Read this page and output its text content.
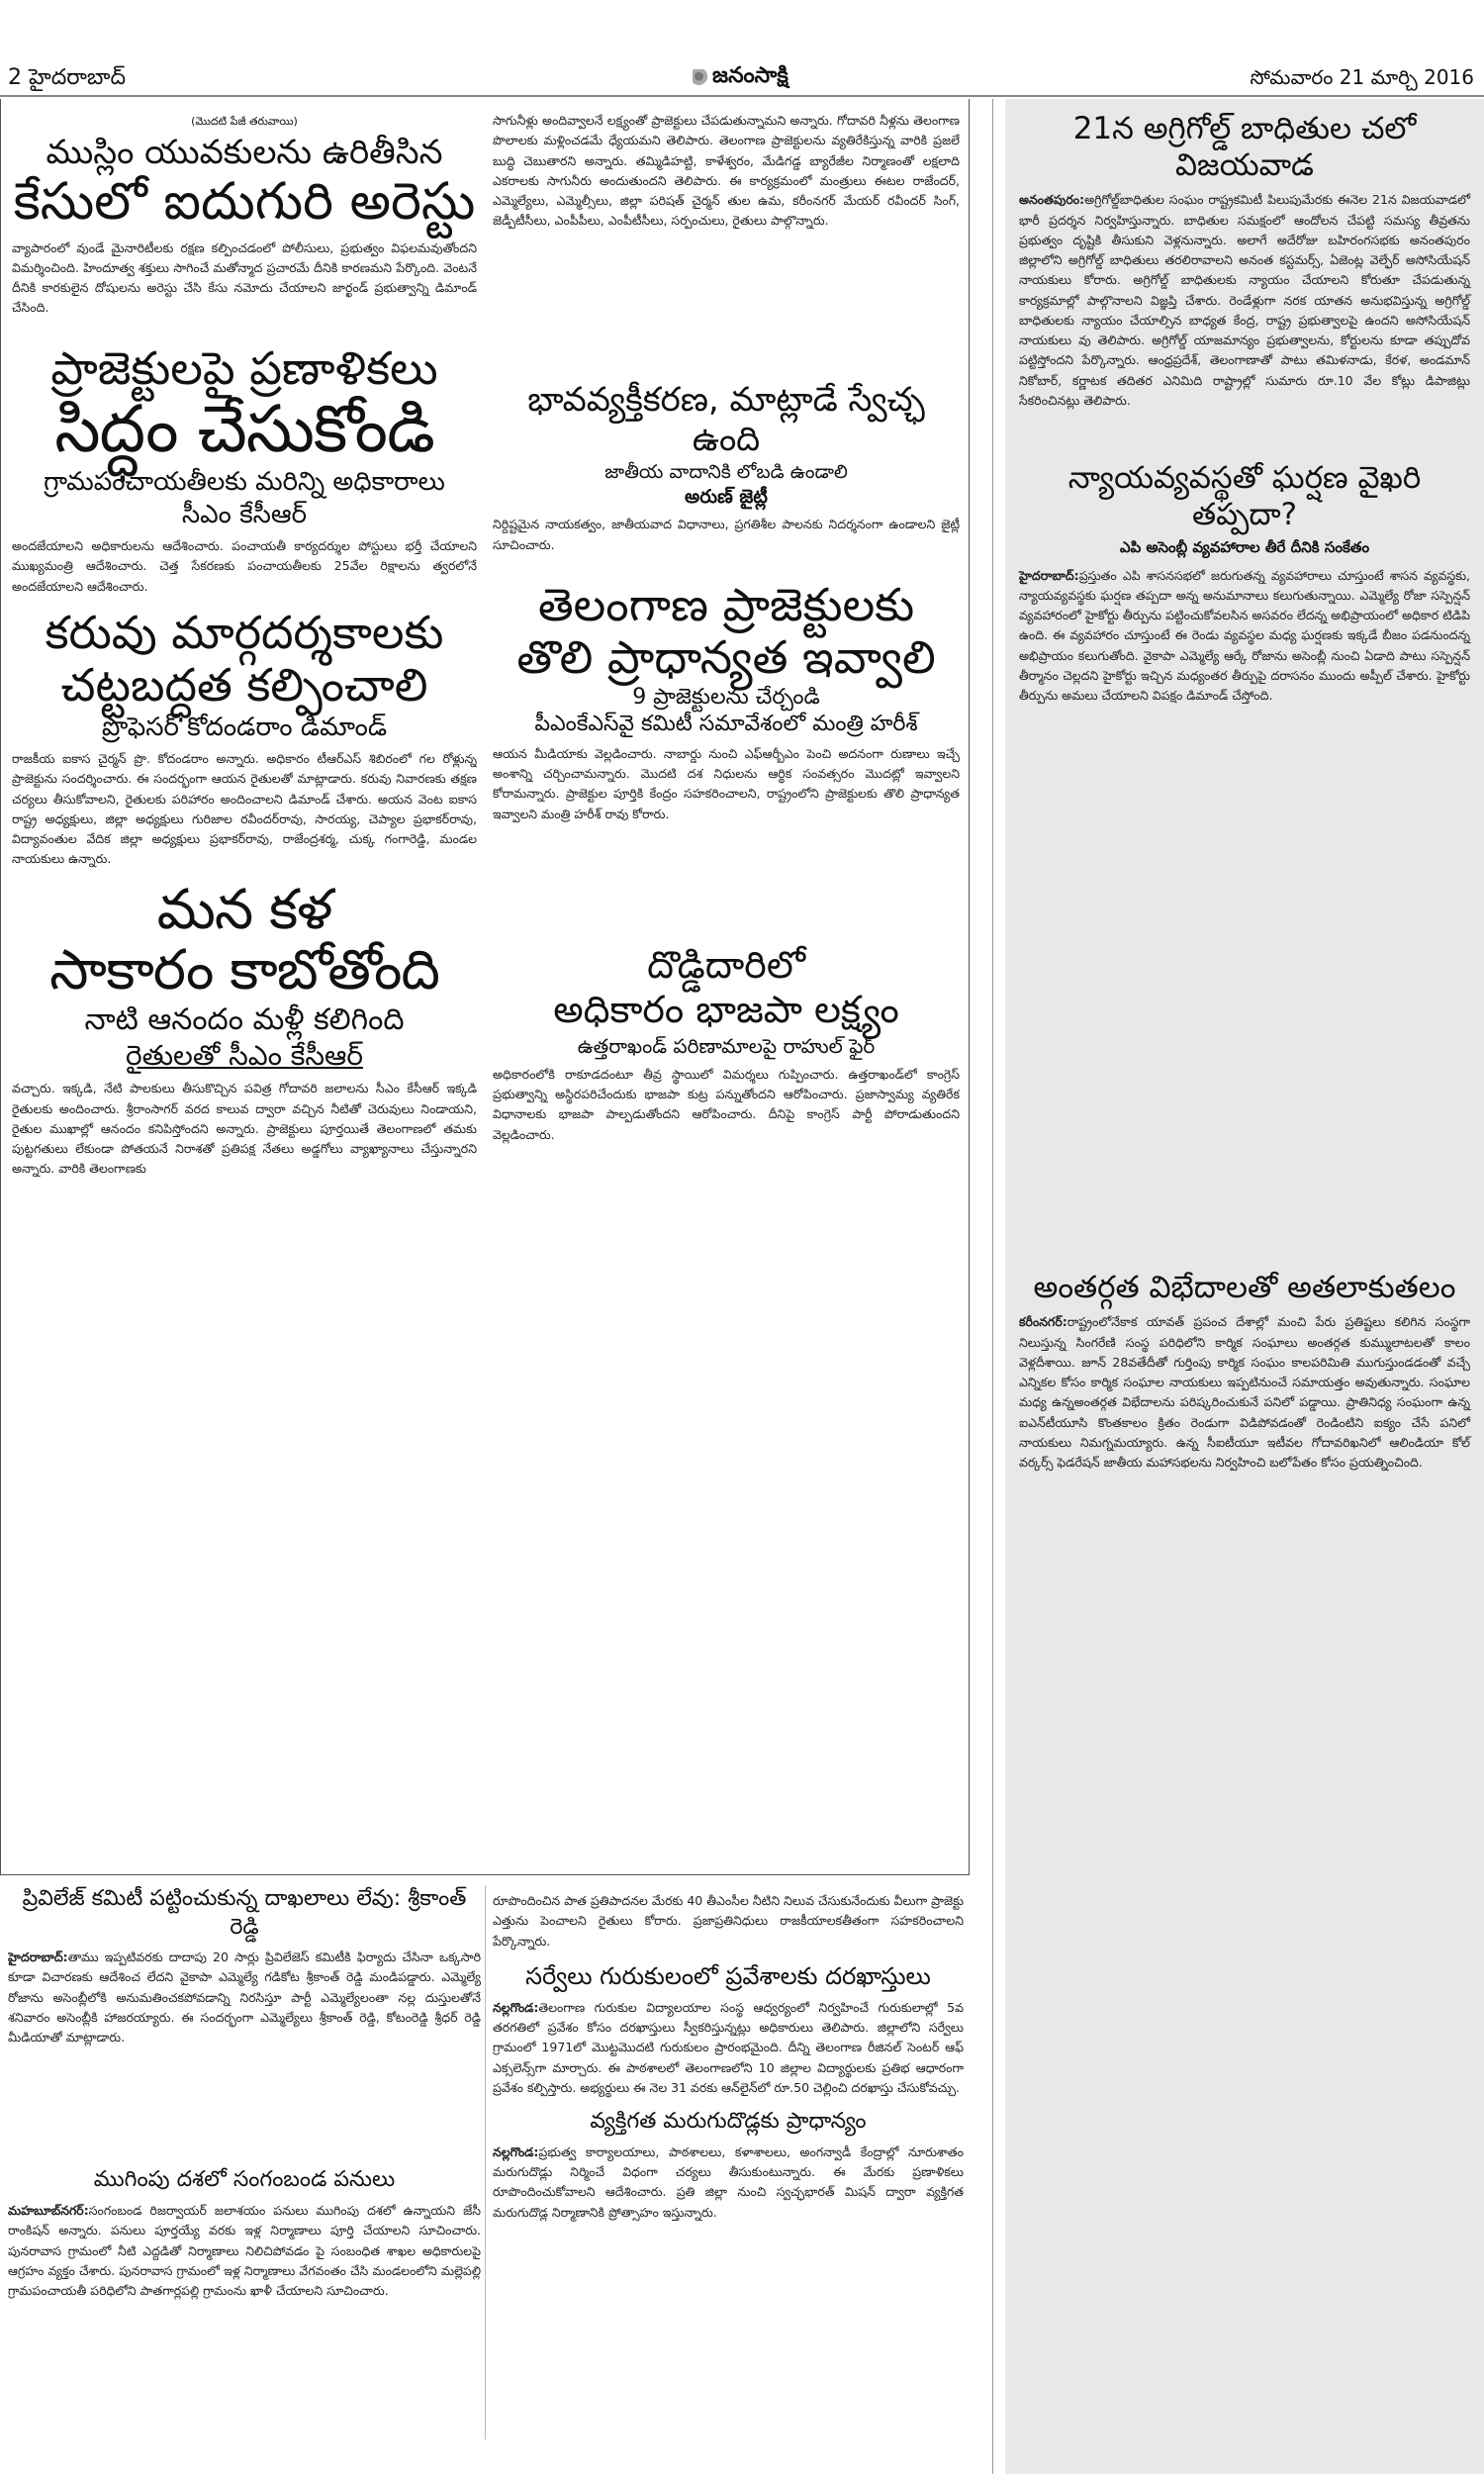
2 హైదరాబాద్	జనంసాక్షి	సోమవారం 21 మార్చి 2016
(మొదటి పేజీ తరువాయి)
ముస్లిం యువకులను ఉరితీసిన
కేసులో ఐదుగురి అరెస్టు

వ్యాపారంలో వుండే మైనారిటీలకు రక్షణ కల్పించడంలో పోలీసులు, ప్రభుత్వం విఫలమవుతోందని విమర్శించింది. హిందూత్వ శక్తులు సాగించే మతోన్మాద ప్రచారమే దీనికి కారణమని పేర్కొంది. వెంటనే దీనికి కారకులైన దోషులను అరెస్టు చేసి కేసు నమోదు చేయాలని జార్ఖండ్ ప్రభుత్వాన్ని డిమాండ్ చేసింది.

ప్రాజెక్టులపై ప్రణాళికలు
సిద్ధం చేసుకోండి
గ్రామపంచాయతీలకు మరిన్ని అధికారాలు
సీఎం కేసీఆర్

అందజేయాలని అధికారులను ఆదేశించారు. పంచాయతీ కార్యదర్శుల పోస్టులు భర్తీ చేయాలని ముఖ్యమంత్రి ఆదేశించారు. చెత్త సేకరణకు పంచాయతీలకు 25వేల రిక్షాలను త్వరలోనే అందజేయాలని ఆదేశించారు.

కరువు మార్గదర్శకాలకు
చట్టబద్ధత కల్పించాలి
ప్రొఫెసర్ కోదండరాం డిమాండ్

రాజకీయ ఐకాస చైర్మన్ ప్రొ. కోదండరాం అన్నారు. అధికారం టీఆర్ఎస్ శిబిరంలో గల రోళ్లున్న ప్రాజెక్టును సందర్శించారు. ఈ సందర్భంగా ఆయన రైతులతో మాట్లాడారు. కరువు నివారణకు తక్షణ చర్యలు తీసుకోవాలని, రైతులకు పరిహారం అందించాలని డిమాండ్ చేశారు. అయన వెంట ఐకాస రాష్ట్ర అధ్యక్షులు, జిల్లా అధ్యక్షులు గురిజాల రవీందర్‌రావు, సారయ్య, చెప్యాల ప్రభాకర్‌రావు, విద్యావంతుల వేదిక జిల్లా అధ్యక్షులు ప్రభాకర్‌రావు, రాజేంద్రశర్మ, చుక్క గంగారెడ్డి, మండల నాయకులు ఉన్నారు.

మన కళ
సాకారం కాబోతోంది
నాటి ఆనందం మళ్లీ కలిగింది
రైతులతో సీఎం కేసీఆర్

వచ్చారు. ఇక్కడి, నేటి పాలకులు తీసుకొచ్చిన పవిత్ర గోదావరి జలాలను సీఎం కేసీఆర్ ఇక్కడి రైతులకు అందించారు. శ్రీరాంసాగర్ వరద కాలువ ద్వారా వచ్చిన నీటితో చెరువులు నిండాయని, రైతుల ముఖాల్లో ఆనందం కనిపిస్తోందని అన్నారు. ప్రాజెక్టులు పూర్తయితే తెలంగాణలో తమకు పుట్టగతులు లేకుండా పోతయనే నిరాశతో ప్రతిపక్ష నేతలు అడ్డగోలు వ్యాఖ్యానాలు చేస్తున్నారని అన్నారు. వారికి తెలంగాణకు

సాగునీళ్లు అందివ్వాలనే లక్ష్యంతో ప్రాజెక్టులు చేపడుతున్నామని అన్నారు. గోదావరి నీళ్లను తెలంగాణ పొలాలకు మళ్లించడమే ధ్యేయమని తెలిపారు. తెలంగాణ ప్రాజెక్టులను వ్యతిరేకిస్తున్న వారికి ప్రజలే బుద్ధి చెబుతారని అన్నారు. తమ్మిడిహట్టి, కాళేశ్వరం, మేడిగడ్డ బ్యారేజీల నిర్మాణంతో లక్షలాది ఎకరాలకు సాగునీరు అందుతుందని తెలిపారు. ఈ కార్యక్రమంలో మంత్రులు ఈటల రాజేందర్, ఎమ్మెల్యేలు, ఎమ్మెల్సీలు, జిల్లా పరిషత్ చైర్మన్ తుల ఉమ, కరీంనగర్ మేయర్ రవీందర్ సింగ్, జెడ్పీటీసీలు, ఎంపీపీలు, ఎంపీటీసీలు, సర్పంచులు, రైతులు పాల్గొన్నారు.

భావవ్యక్తీకరణ, మాట్లాడే స్వేచ్ఛ ఉంది
జాతీయ వాదానికి లోబడి ఉండాలి
అరుణ్ జైట్లీ

నిర్దిష్టమైన నాయకత్వం, జాతీయవాద విధానాలు, ప్రగతిశీల పాలనకు నిదర్శనంగా ఉండాలని జైట్లీ సూచించారు.

తెలంగాణ ప్రాజెక్టులకు
తొలి ప్రాధాన్యత ఇవ్వాలి
9 ప్రాజెక్టులను చేర్చండి
పీఎంకేఎస్‌వై కమిటీ సమావేశంలో మంత్రి హరీశ్

ఆయన మీడియాకు వెల్లడించారు. నాబార్డు నుంచి ఎఫ్ఆర్బీఎం పెంచి అదనంగా రుణాలు ఇచ్చే అంశాన్ని చర్చించామన్నారు. మొదటి దశ నిధులను ఆర్థిక సంవత్సరం మొదట్లో ఇవ్వాలని కోరామన్నారు. ప్రాజెక్టుల పూర్తికి కేంద్రం సహకరించాలని, రాష్ట్రంలోని ప్రాజెక్టులకు తొలి ప్రాధాన్యత ఇవ్వాలని మంత్రి హరీశ్ రావు కోరారు.

దొడ్డిదారిలో
అధికారం భాజపా లక్ష్యం
ఉత్తరాఖండ్ పరిణామాలపై రాహుల్ ఫైర్

అధికారంలోకి రాకూడదంటూ తీవ్ర స్థాయిలో విమర్శలు గుప్పించారు. ఉత్తరాఖండ్‌లో కాంగ్రెస్ ప్రభుత్వాన్ని అస్థిరపరిచేందుకు భాజపా కుట్ర పన్నుతోందని ఆరోపించారు. ప్రజాస్వామ్య వ్యతిరేక విధానాలకు భాజపా పాల్పడుతోందని ఆరోపించారు. దీనిపై కాంగ్రెస్ పార్టీ పోరాడుతుందని వెల్లడించారు.

ప్రివిలేజ్ కమిటీ పట్టించుకున్న దాఖలాలు లేవు: శ్రీకాంత్ రెడ్డి

హైదరాబాద్:తాము ఇప్పటివరకు దాదాపు 20 సార్లు ప్రివిలేజెస్ కమిటీకి ఫిర్యాదు చేసినా ఒక్కసారి కూడా విచారణకు ఆదేశించ లేదని వైకాపా ఎమ్మెల్యే గడికోట శ్రీకాంత్ రెడ్డి మండిపడ్డారు. ఎమ్మెల్యే రోజాను అసెంబ్లీలోకి అనుమతించకపోవడాన్ని నిరసిస్తూ పార్టీ ఎమ్మెల్యేలంతా నల్ల దుస్తులతోనే శనివారం అసెంబ్లీకి హాజరయ్యారు. ఈ సందర్భంగా ఎమ్మెల్యేలు శ్రీకాంత్ రెడ్డి, కోటంరెడ్డి శ్రీధర్ రెడ్డి మీడియాతో మాట్లాడారు.

ముగింపు దశలో సంగంబండ పనులు

మహబూబ్‌నగర్:సంగంబండ రిజర్వాయర్ జలాశయం పనులు ముగింపు దశలో ఉన్నాయని జేసీ రాంకిషన్ అన్నారు. పనులు పూర్తయ్యే వరకు ఇళ్ల నిర్మాణాలు పూర్తి చేయాలని సూచించారు. పునరావాస గ్రామంలో నీటి ఎద్దడితో నిర్మాణాలు నిలిచిపోవడం పై సంబంధిత శాఖల అధికారులపై ఆగ్రహం వ్యక్తం చేశారు. పునరావాస గ్రామంలో ఇళ్ల నిర్మాణాలు వేగవంతం చేసి మండలంలోని మల్లెపల్లి గ్రామపంచాయతీ పరిధిలోని పాతగార్లపల్లి గ్రామంను ఖాళీ చేయాలని సూచించారు.

రూపొందించిన పాత ప్రతిపాదనల మేరకు 40 తీఎంసీల నీటిని నిలువ చేసుకునేందుకు వీలుగా ప్రాజెక్టు ఎత్తును పెంచాలని రైతులు కోరారు. ప్రజాప్రతినిధులు రాజకీయాలకతీతంగా సహకరించాలని పేర్కొన్నారు.

సర్వేలు గురుకులంలో ప్రవేశాలకు దరఖాస్తులు

నల్లగొండ:తెలంగాణ గురుకుల విద్యాలయాల సంస్థ ఆధ్వర్యంలో నిర్వహించే గురుకులాల్లో 5వ తరగతిలో ప్రవేశం కోసం దరఖాస్తులు స్వీకరిస్తున్నట్లు అధికారులు తెలిపారు. జిల్లాలోని సర్వేలు గ్రామంలో 1971లో మొట్టమొదటి గురుకులం ప్రారంభమైంది. దీన్ని తెలంగాణ రీజినల్ సెంటర్ ఆఫ్ ఎక్సలెన్స్‌గా మార్చారు. ఈ పాఠశాలలో తెలంగాణలోని 10 జిల్లాల విద్యార్థులకు ప్రతిభ ఆధారంగా ప్రవేశం కల్పిస్తారు. అభ్యర్థులు ఈ నెల 31 వరకు ఆన్‌లైన్‌లో రూ.50 చెల్లించి దరఖాస్తు చేసుకోవచ్చు.

వ్యక్తిగత మరుగుదొడ్లకు ప్రాధాన్యం

నల్లగొండ:ప్రభుత్వ కార్యాలయాలు, పాఠశాలలు, కళాశాలలు, అంగన్వాడీ కేంద్రాల్లో నూరుశాతం మరుగుదొడ్లు నిర్మించే విధంగా చర్యలు తీసుకుంటున్నారు. ఈ మేరకు ప్రణాళికలు రూపొందించుకోవాలని ఆదేశించారు. ప్రతి జిల్లా నుంచి స్వచ్ఛభారత్ మిషన్ ద్వారా వ్యక్తిగత మరుగుదొడ్ల నిర్మాణానికి ప్రోత్సాహం ఇస్తున్నారు.

21న అగ్రిగోల్డ్ బాధితుల చలో విజయవాడ

అనంతపురం:అగ్రిగోల్డ్‌బాధితుల సంఘం రాష్ట్రకమిటీ పిలుపుమేరకు ఈనెల 21న విజయవాడలో భారీ ప్రదర్శన నిర్వహిస్తున్నారు. బాధితుల సమక్షంలో ఆందోలన చేపట్టి సమస్య తీవ్రతను ప్రభుత్వం దృష్టికి తీసుకుని వెళ్లనున్నారు. అలాగే అదేరోజు బహిరంగసభకు అనంతపురం జిల్లాలోని అగ్రిగోల్డ్ బాధితులు తరలిరావాలని అనంత కస్టమర్స్, ఏజెంట్ల వెల్ఫేర్ అసోసియేషన్ నాయకులు కోరారు. అగ్రిగోల్డ్ బాధితులకు న్యాయం చేయాలని కోరుతూ చేపడుతున్న కార్యక్రమాల్లో పాల్గొనాలని విజ్ఞప్తి చేశారు. రెండేళ్లుగా నరక యాతన అనుభవిస్తున్న అగ్రిగోల్డ్ బాధితులకు న్యాయం చేయాల్సిన బాధ్యత కేంద్ర, రాష్ట్ర ప్రభుత్వాలపై ఉందని అసోసియేషన్ నాయకులు వు తెలిపారు. అగ్రిగోల్డ్ యాజమాన్యం ప్రభుత్వాలను, కోర్టులను కూడా తప్పుదోవ పట్టిస్తోందని పేర్కొన్నారు. ఆంధ్రప్రదేశ్, తెలంగాణాతో పాటు తమిళనాడు, కేరళ, అండమాన్ నికోబార్, కర్ణాటక తదితర ఎనిమిది రాష్ట్రాల్లో సుమారు రూ.10 వేల కోట్లు డిపాజిట్లు సేకరించినట్లు తెలిపారు.

న్యాయవ్యవస్థతో ఘర్షణ వైఖరి తప్పదా?
ఎపి అసెంబ్లీ వ్యవహారాల తీరే దీనికి సంకేతం

హైదరాబాద్:ప్రస్తుతం ఎపి శాసనసభలో జరుగుతన్న వ్యవహారాలు చూస్తుంటే శాసన వ్యవస్థకు, న్యాయవ్యవస్థకు ఘర్షణ తప్పదా అన్న అనుమానాలు కలుగుతున్నాయి. ఎమ్మెల్యే రోజా సస్పెన్షన్ వ్యవహారంలో హైకోర్టు తీర్పును పట్టించుకోవలసిన అసవరం లేదన్న అభిప్రాయంలో అధికార టిడిపి ఉంది. ఈ వ్యవహారం చూస్తుంటే ఈ రెండు వ్యవస్థల మధ్య ఘర్షణకు ఇక్కడే బీజం పడనుందన్న అభిప్రాయం కలుగుతోంది. వైకాపా ఎమ్మెల్యే ఆర్కే రోజాను అసెంబ్లీ నుంచి ఏడాది పాటు సస్పెన్షన్ తీర్మానం చెల్లదని హైకోర్టు ఇచ్చిన మధ్యంతర తీర్పుపై దరాసనం ముందు అప్పీల్ చేశారు. హైకోర్టు తీర్పును అమలు చేయాలని విపక్షం డిమాండ్ చేస్తోంది.

అంతర్గత విభేదాలతో అతలాకుతలం

కరీంనగర్:రాష్ట్రంలోనేకాక యావత్ ప్రపంచ దేశాల్లో మంచి పేరు ప్రతిష్టలు కలిగిన సంస్థగా నిలుస్తున్న సింగరేణి సంస్థ పరిధిలోని కార్మిక సంఘాలు అంతర్గత కుమ్ములాటలతో కాలం వెళ్లదీశాయి. జూన్ 28వతేదీతో గుర్తింపు కార్మిక సంఘం కాలపరిమితి ముగుస్తుండడంతో వచ్చే ఎన్నికల కోసం కార్మిక సంఘాల నాయకులు ఇప్పటినుంచే సమాయత్తం అవుతున్నారు. సంఘాల మధ్య ఉన్నఅంతర్గత విభేదాలను పరిష్కరించుకునే పనిలో పడ్డాయి. ప్రాతినిధ్య సంఘంగా ఉన్న ఐఎన్‌టీయూసి కొంతకాలం క్రితం రెండుగా విడిపోవడంతో రెండింటిని ఐక్యం చేసే పనిలో నాయకులు నిమగ్నమయ్యారు. ఉన్న సీఐటీయూ ఇటీవల గోదావరిఖనిలో ఆలిండియా కోల్ వర్కర్స్ ఫెడరేషన్ జాతీయ మహాసభలను నిర్వహించి బలోపేతం కోసం ప్రయత్నించింది.
